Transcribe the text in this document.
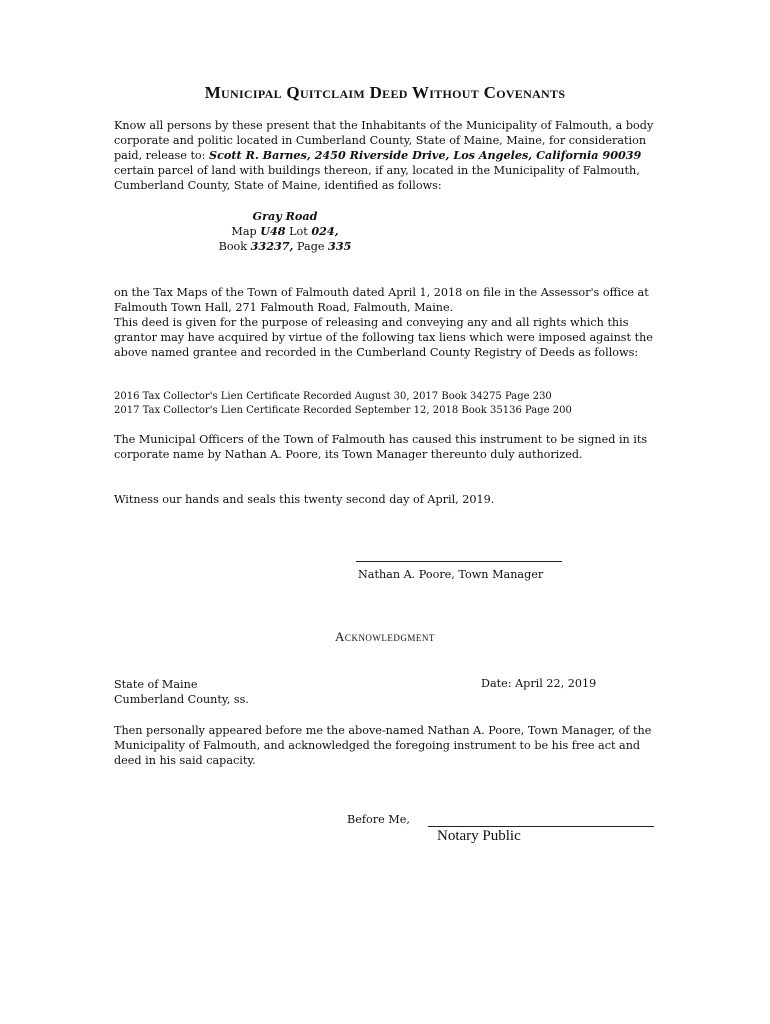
Municipal Quitclaim Deed Without Covenants
Know all persons by these present that the Inhabitants of the Municipality of Falmouth, a body corporate and politic located in Cumberland County, State of Maine, Maine, for consideration paid, release to: Scott R. Barnes, 2450 Riverside Drive, Los Angeles, California 90039 certain parcel of land with buildings thereon, if any, located in the Municipality of Falmouth, Cumberland County, State of Maine, identified as follows:
Gray Road
Map U48 Lot 024,
Book 33237, Page 335
on the Tax Maps of the Town of Falmouth dated April 1, 2018 on file in the Assessor's office at Falmouth Town Hall, 271 Falmouth Road, Falmouth, Maine.
This deed is given for the purpose of releasing and conveying any and all rights which this grantor may have acquired by virtue of the following tax liens which were imposed against the above named grantee and recorded in the Cumberland County Registry of Deeds as follows:
2016 Tax Collector's Lien Certificate Recorded August 30, 2017 Book 34275 Page 230
2017 Tax Collector's Lien Certificate Recorded September 12, 2018 Book 35136 Page 200
The Municipal Officers of the Town of Falmouth has caused this instrument to be signed in its corporate name by Nathan A. Poore, its Town Manager thereunto duly authorized.
Witness our hands and seals this twenty second day of April, 2019.
Nathan A. Poore, Town Manager
Acknowledgment
State of Maine
Cumberland County, ss.
Date: April 22, 2019
Then personally appeared before me the above-named Nathan A. Poore, Town Manager, of the Municipality of Falmouth, and acknowledged the foregoing instrument to be his free act and deed in his said capacity.
Before Me,
Notary Public
